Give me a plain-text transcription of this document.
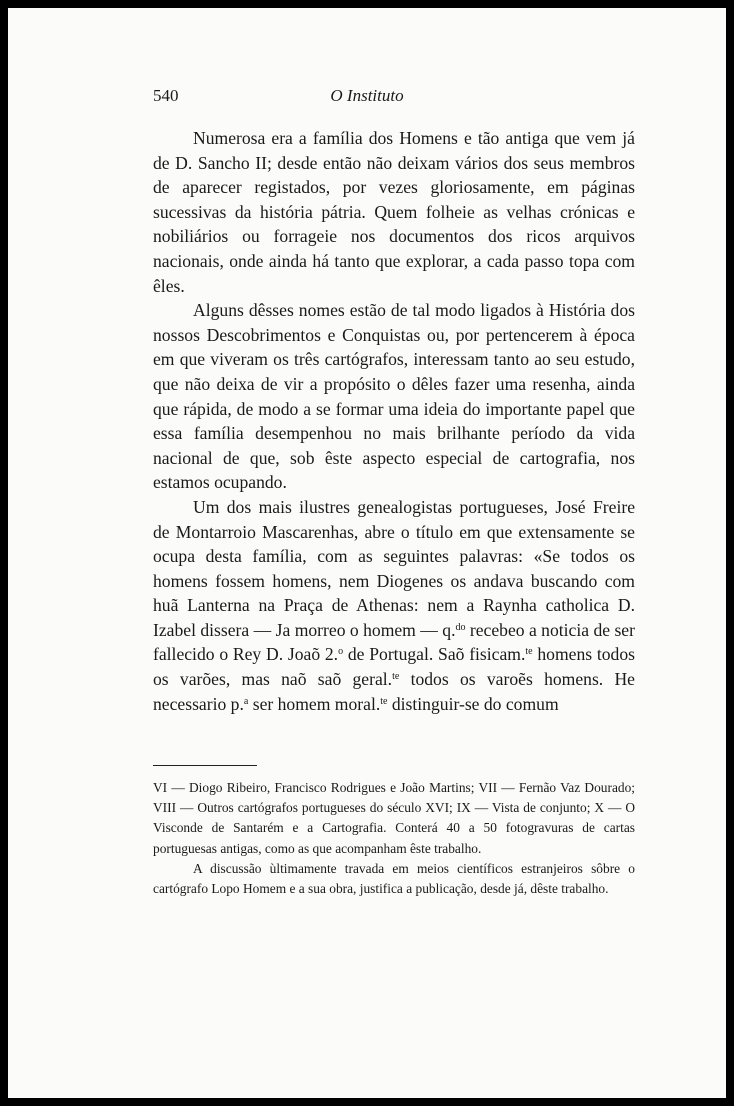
540	O Instituto

Numerosa era a família dos Homens e tão antiga que vem já de D. Sancho II; desde então não deixam vários dos seus membros de aparecer registados, por vezes gloriosamente, em páginas sucessivas da história pátria. Quem folheie as velhas crónicas e nobiliários ou forrageie nos documentos dos ricos arquivos nacionais, onde ainda há tanto que explorar, a cada passo topa com êles.

Alguns dêsses nomes estão de tal modo ligados à História dos nossos Descobrimentos e Conquistas ou, por pertencerem à época em que viveram os três cartógrafos, interessam tanto ao seu estudo, que não deixa de vir a propósito o dêles fazer uma resenha, ainda que rápida, de modo a se formar uma ideia do importante papel que essa família desempenhou no mais brilhante período da vida nacional de que, sob êste aspecto especial de cartografia, nos estamos ocupando.

Um dos mais ilustres genealogistas portugueses, José Freire de Montarroio Mascarenhas, abre o título em que extensamente se ocupa desta família, com as seguintes palavras: «Se todos os homens fossem homens, nem Diogenes os andava buscando com huã Lanterna na Praça de Athenas: nem a Raynha catholica D. Izabel dissera — Ja morreo o homem — q.$^{do}$ recebeo a noticia de ser fallecido o Rey D. Joaõ 2.$^o$ de Portugal. Saõ fisicam.$^{te}$ homens todos os varões, mas naõ saõ geral.$^{te}$ todos os varoẽs homens. He necessario p.$^a$ ser homem moral.$^{te}$ distinguir-se do comum

VI — Diogo Ribeiro, Francisco Rodrigues e João Martins; VII — Fernão Vaz Dourado; VIII — Outros cartógrafos portugueses do século XVI; IX — Vista de conjunto; X — O Visconde de Santarém e a Cartografia. Conterá 40 a 50 fotogravuras de cartas portuguesas antigas, como as que acompanham êste trabalho.

A discussão ùltimamente travada em meios científicos estranjeiros sôbre o cartógrafo Lopo Homem e a sua obra, justifica a publicação, desde já, dêste trabalho.
